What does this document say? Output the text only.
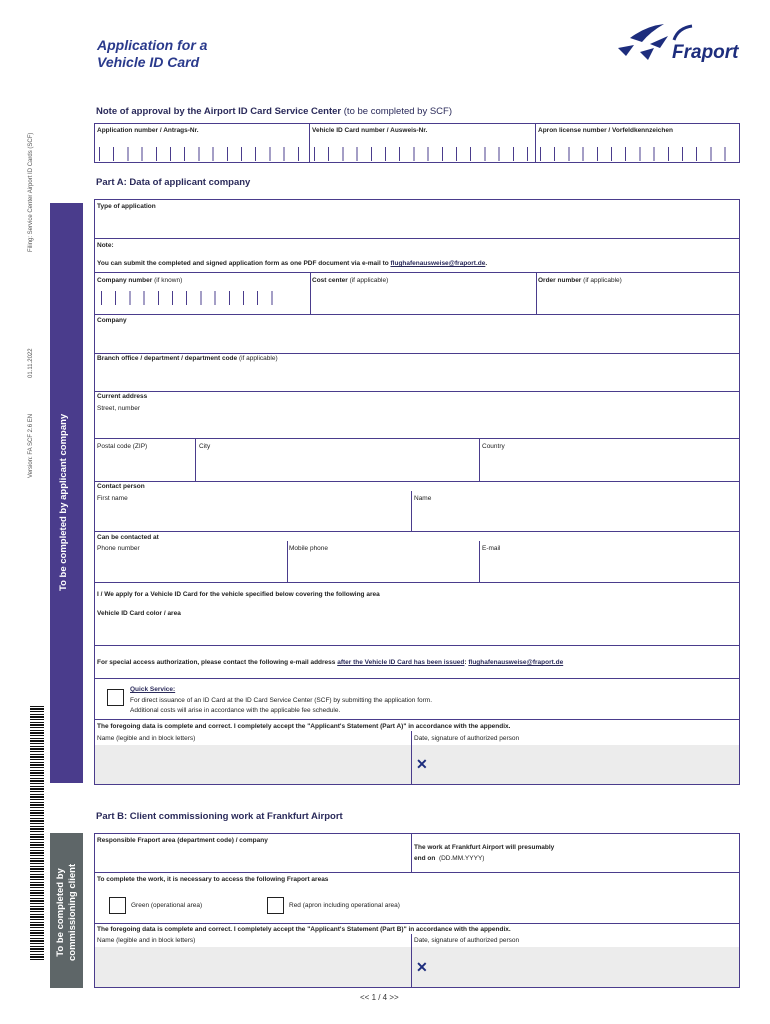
Application for a
Vehicle ID Card	Fraport
Filing: Service Center Airport ID Cards (SCF)
01.11.2022
Version: FA SCF 2.6 EN	To be completed by applicant company
To be completed by commissioning client
Note of approval by the Airport ID Card Service Center (to be completed by SCF)
Application number / Antrags-Nr.	Vehicle ID Card number / Ausweis-Nr.	Apron license number / Vorfeldkennzeichen
Part A: Data of applicant company
Type of application
Note:
You can submit the completed and signed application form as one PDF document via e-mail to flughafenausweise@fraport.de.
Company number (if known)	Cost center (if applicable)	Order number (if applicable)
Company
Branch office / department / department code (if applicable)
Current address
Street, number
Postal code (ZIP)	City	Country
Contact person
First name	Name
Can be contacted at
Phone number	Mobile phone	E-mail
I / We apply for a Vehicle ID Card for the vehicle specified below covering the following area
Vehicle ID Card color / area
For special access authorization, please contact the following e-mail address after the Vehicle ID Card has been issued: flughafenausweise@fraport.de
Quick Service:
For direct issuance of an ID Card at the ID Card Service Center (SCF) by submitting the application form.
Additional costs will arise in accordance with the applicable fee schedule.
The foregoing data is complete and correct. I completely accept the "Applicant's Statement (Part A)" in accordance with the appendix.
Name (legible and in block letters)	Date, signature of authorized person
✕
Part B: Client commissioning work at Frankfurt Airport
Responsible Fraport area (department code) / company
The work at Frankfurt Airport will presumably
end on (DD.MM.YYYY)
To complete the work, it is necessary to access the following Fraport areas
Green (operational area)	Red (apron including operational area)
The foregoing data is complete and correct. I completely accept the "Applicant's Statement (Part B)" in accordance with the appendix.
Name (legible and in block letters)	Date, signature of authorized person
✕
<< 1 / 4 >>
